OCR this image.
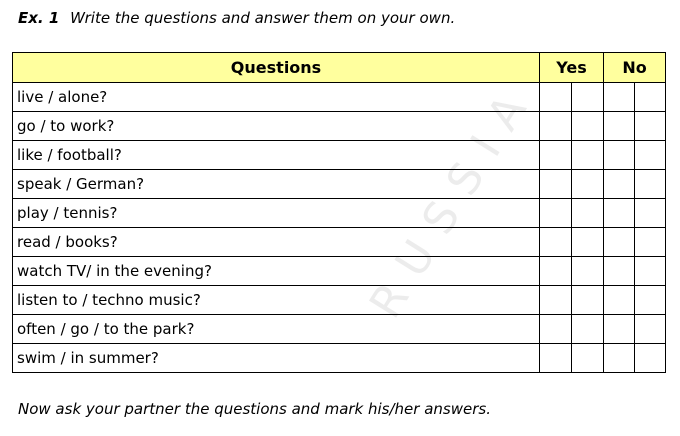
Ex. 1 Write the questions and answer them on your own.
Questions	Yes		No	
live / alone?				
go / to work?				
like / football?				
speak / German?				
play / tennis?				
read / books?				
watch TV/ in the evening?				
listen to / techno music?				
often / go / to the park?				
swim / in summer?				
Now ask your partner the questions and mark his/her answers.
RUSSIA
